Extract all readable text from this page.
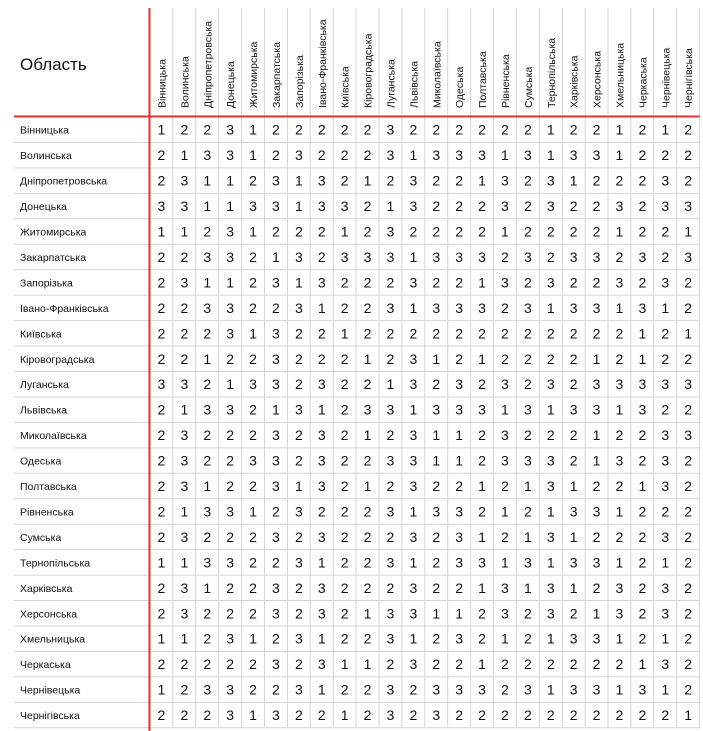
Область	Вінницька Волинська Дніпропетровська Донецька Житомирська Закарпатська Запорізька Івано-Франківська Київська Кіровоградська Луганська Львівська Миколаївська Одеська Полтавська Рівненська Сумська Тернопільська Харківська Херсонська Хмельницька Черкаська Чернівецька Чернігівська
Вінницька	1 2 2 3 1 2 2 2 2 2 3 2 2 2 2 2 2 1 2 2 1 2 1 2
Волинська	2 1 3 3 1 2 3 2 2 2 3 1 3 3 3 1 3 1 3 3 1 2 2 2
Дніпропетровська	2 3 1 1 2 3 1 3 2 1 2 3 2 2 1 3 2 3 1 2 2 2 3 2
Донецька	3 3 1 1 3 3 1 3 3 2 1 3 2 2 2 3 2 3 2 2 3 2 3 3
Житомирська	1 1 2 3 1 2 2 2 1 2 3 2 2 2 2 1 2 2 2 2 1 2 2 1
Закарпатська	2 2 3 3 2 1 3 2 3 3 3 1 3 3 3 2 3 2 3 3 2 3 2 3
Запорізька	2 3 1 1 2 3 1 3 2 2 2 3 2 2 1 3 2 3 2 2 3 2 3 2
Івано-Франківська	2 2 3 3 2 2 3 1 2 2 3 1 3 3 3 2 3 1 3 3 1 3 1 2
Київська	2 2 2 3 1 3 2 2 1 2 2 2 2 2 2 2 2 2 2 2 2 1 2 1
Кіровоградська	2 2 1 2 2 3 2 2 2 1 2 3 1 2 1 2 2 2 2 1 2 1 2 2
Луганська	3 3 2 1 3 3 2 3 2 2 1 3 2 3 2 3 2 3 2 3 3 3 3 3
Львівська	2 1 3 3 2 1 3 1 2 3 3 1 3 3 3 1 3 1 3 3 1 3 2 2
Миколаївська	2 3 2 2 2 3 2 3 2 1 2 3 1 1 2 3 2 2 2 1 2 2 3 3
Одеська	2 3 2 2 3 3 2 3 2 2 3 3 1 1 2 3 3 3 2 1 3 2 3 2
Полтавська	2 3 1 2 2 3 1 3 2 1 2 3 2 2 1 2 1 3 1 2 2 1 3 2
Рівненська	2 1 3 3 1 2 3 2 2 2 3 1 3 3 2 1 2 1 3 3 1 2 2 2
Сумська	2 3 2 2 2 3 2 3 2 2 2 3 2 3 1 2 1 3 1 2 2 2 3 2
Тернопільська	1 1 3 3 2 2 3 1 2 2 3 1 2 3 3 1 3 1 3 3 1 2 1 2
Харківська	2 3 1 2 2 3 2 3 2 2 2 3 2 2 1 3 1 3 1 2 3 2 3 2
Херсонська	2 3 2 2 2 3 2 3 2 1 3 3 1 1 2 3 2 3 2 1 3 2 3 2
Хмельницька	1 1 2 3 1 2 3 1 2 2 3 1 2 3 2 1 2 1 3 3 1 2 1 2
Черкаська	2 2 2 2 2 3 2 3 1 1 2 3 2 2 1 2 2 2 2 2 2 1 3 2
Чернівецька	1 2 3 3 2 2 3 1 2 2 3 2 3 3 3 2 3 1 3 3 1 3 1 2
Чернігівська	2 2 2 3 1 3 2 2 1 2 3 2 3 2 2 2 2 2 2 2 2 2 2 1
